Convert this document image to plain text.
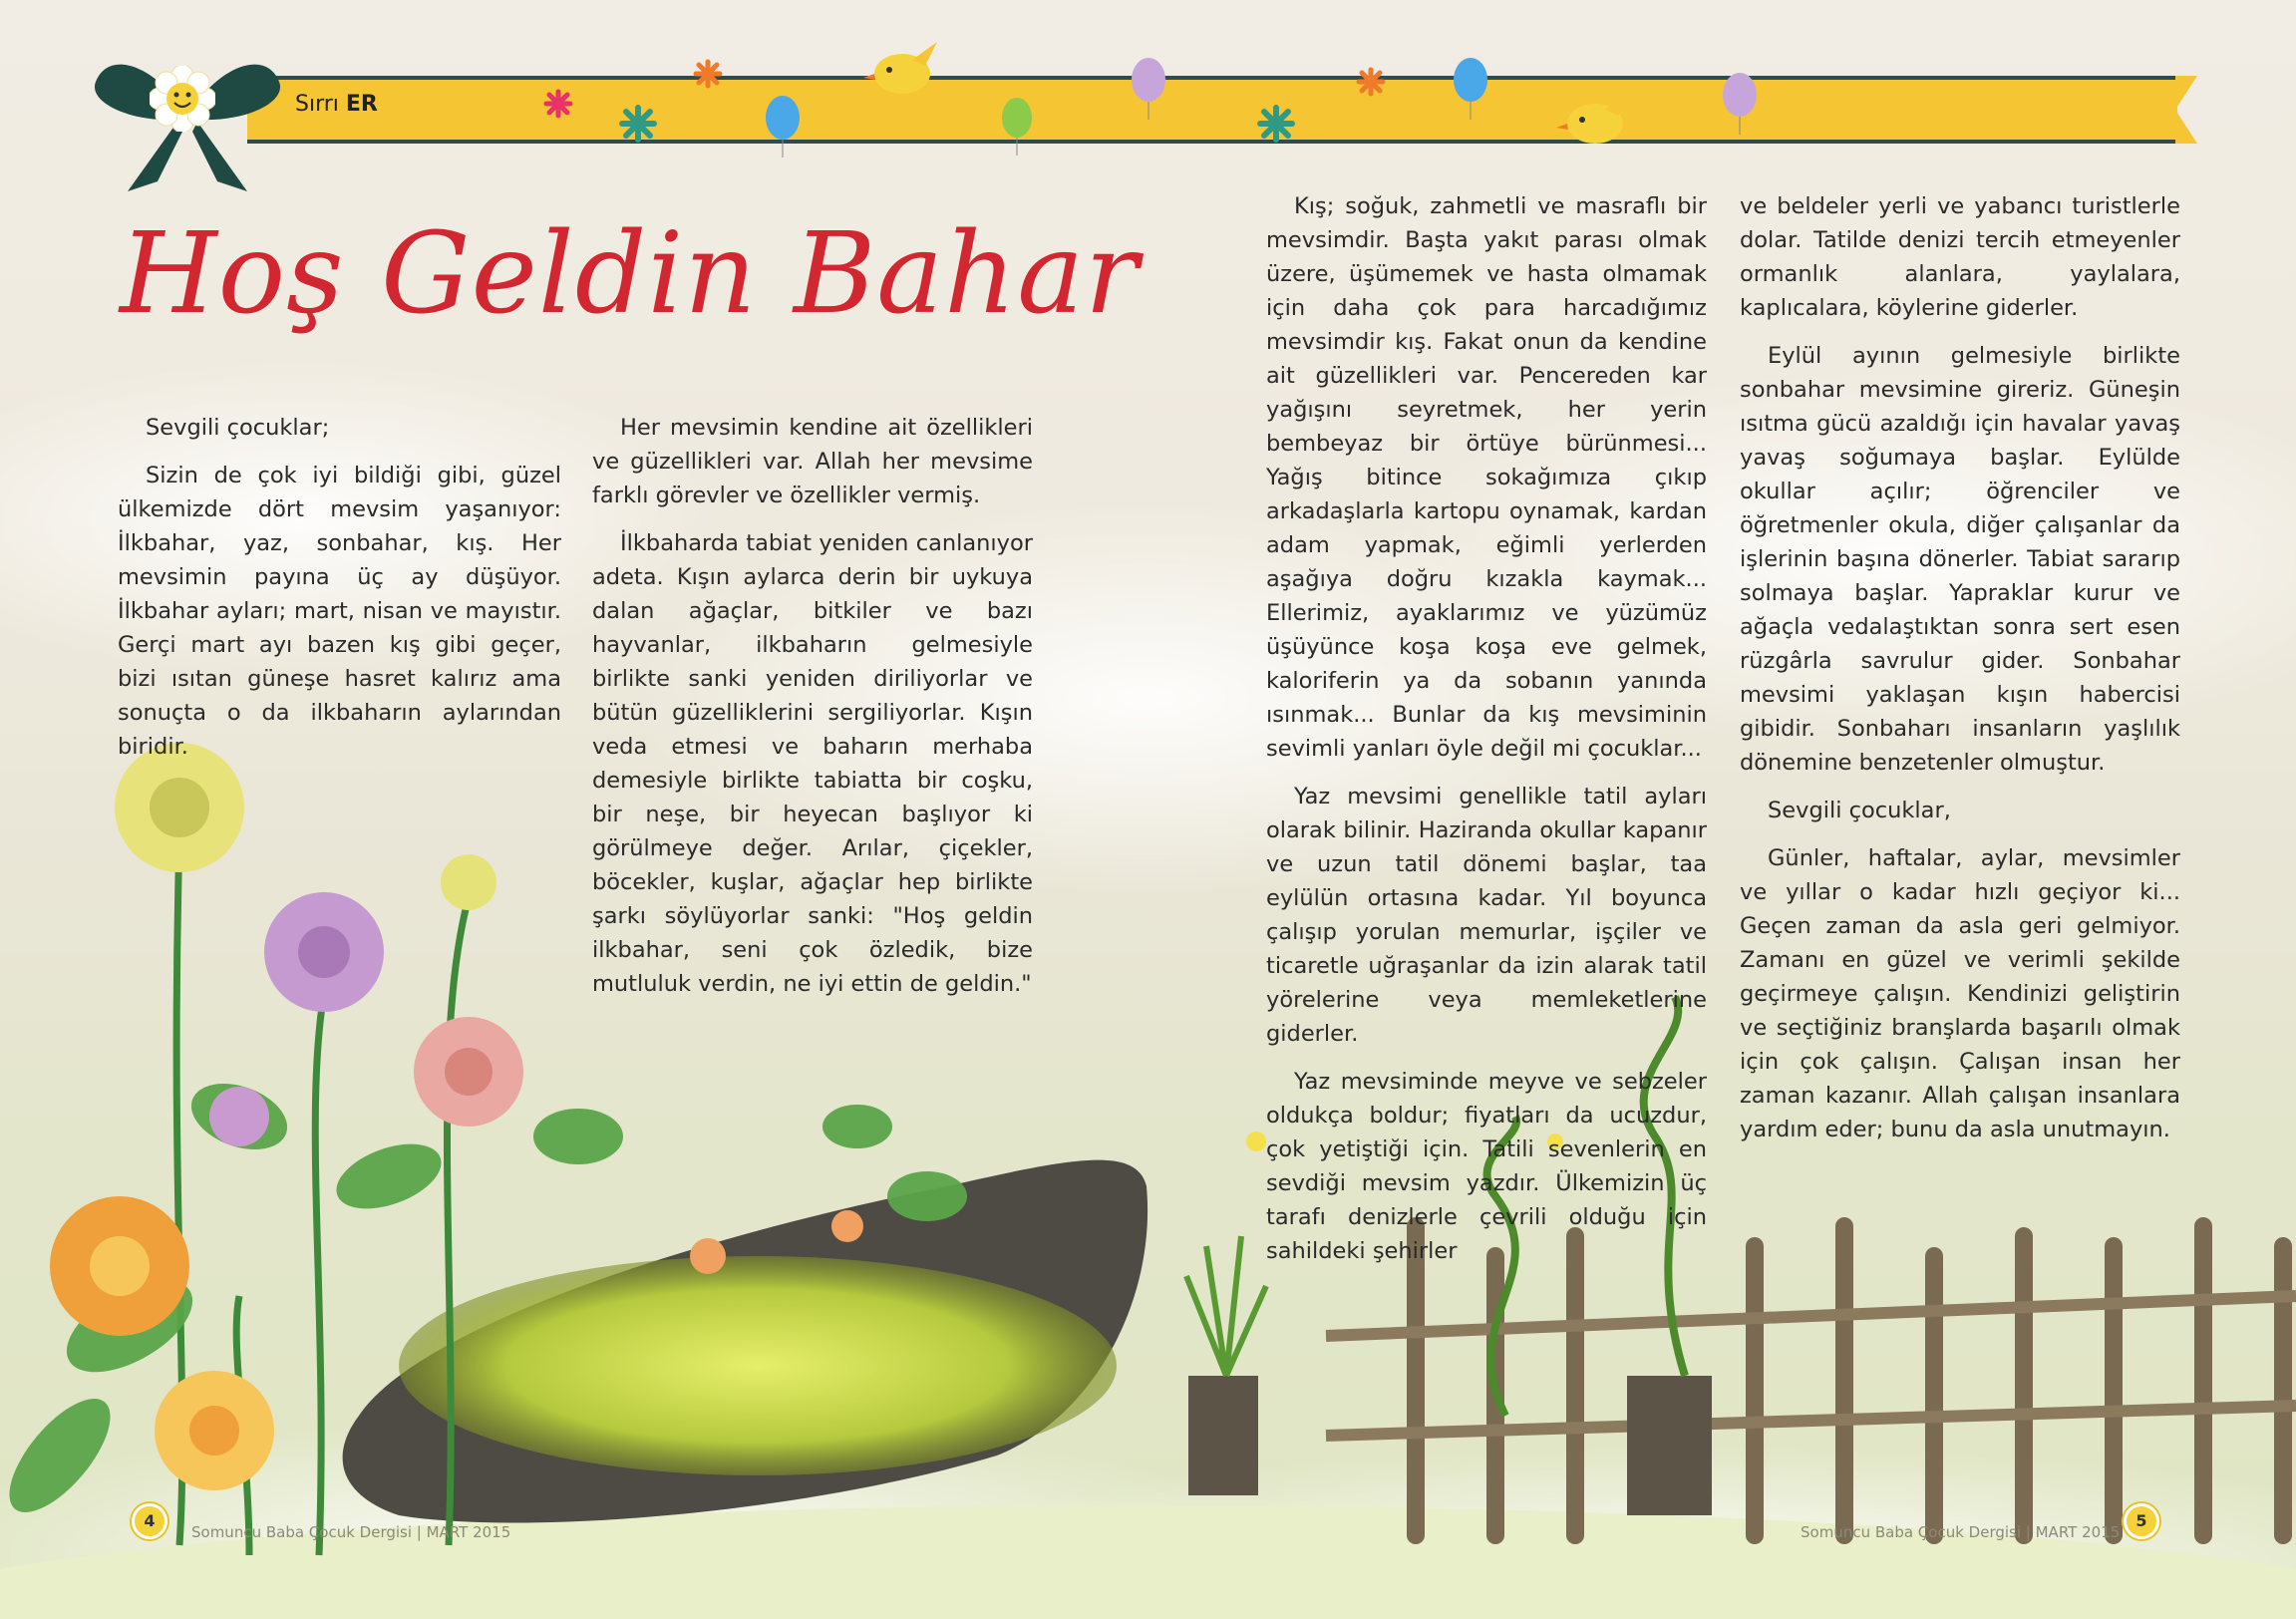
Sırrı ER
Hoş Geldin Bahar

Sevgili çocuklar;

Sizin de çok iyi bildiği gibi, güzel ülkemizde dört mevsim yaşanıyor: İlkbahar, yaz, sonbahar, kış. Her mevsimin payına üç ay düşüyor. İlkbahar ayları; mart, nisan ve mayıstır. Gerçi mart ayı bazen kış gibi geçer, bizi ısıtan güneşe hasret kalırız ama sonuçta o da ilkbaharın aylarından biridir.

Her mevsimin kendine ait özellikleri ve güzellikleri var. Allah her mevsime farklı görevler ve özellikler vermiş.

İlkbaharda tabiat yeniden canlanıyor adeta. Kışın aylarca derin bir uykuya dalan ağaçlar, bitkiler ve bazı hayvanlar, ilkbaharın gelmesiyle birlikte sanki yeniden diriliyorlar ve bütün güzelliklerini sergiliyorlar. Kışın veda etmesi ve baharın merhaba demesiyle birlikte tabiatta bir coşku, bir neşe, bir heyecan başlıyor ki görülmeye değer. Arılar, çiçekler, böcekler, kuşlar, ağaçlar hep birlikte şarkı söylüyorlar sanki: "Hoş geldin ilkbahar, seni çok özledik, bize mutluluk verdin, ne iyi ettin de geldin."

Kış; soğuk, zahmetli ve masraflı bir mevsimdir. Başta yakıt parası olmak üzere, üşümemek ve hasta olmamak için daha çok para harcadığımız mevsimdir kış. Fakat onun da kendine ait güzellikleri var. Pencereden kar yağışını seyretmek, her yerin bembeyaz bir örtüye bürünmesi... Yağış bitince sokağımıza çıkıp arkadaşlarla kartopu oynamak, kardan adam yapmak, eğimli yerlerden aşağıya doğru kızakla kaymak... Ellerimiz, ayaklarımız ve yüzümüz üşüyünce koşa koşa eve gelmek, kaloriferin ya da sobanın yanında ısınmak... Bunlar da kış mevsiminin sevimli yanları öyle değil mi çocuklar...

Yaz mevsimi genellikle tatil ayları olarak bilinir. Haziranda okullar kapanır ve uzun tatil dönemi başlar, taa eylülün ortasına kadar. Yıl boyunca çalışıp yorulan memurlar, işçiler ve ticaretle uğraşanlar da izin alarak tatil yörelerine veya memleketlerine giderler.

Yaz mevsiminde meyve ve sebzeler oldukça boldur; fiyatları da ucuzdur, çok yetiştiği için. Tatili sevenlerin en sevdiği mevsim yazdır. Ülkemizin üç tarafı denizlerle çevrili olduğu için sahildeki şehirler

ve beldeler yerli ve yabancı turistlerle dolar. Tatilde denizi tercih etmeyenler ormanlık alanlara, yaylalara, kaplıcalara, köylerine giderler.

Eylül ayının gelmesiyle birlikte sonbahar mevsimine gireriz. Güneşin ısıtma gücü azaldığı için havalar yavaş yavaş soğumaya başlar. Eylülde okullar açılır; öğrenciler ve öğretmenler okula, diğer çalışanlar da işlerinin başına dönerler. Tabiat sararıp solmaya başlar. Yapraklar kurur ve ağaçla vedalaştıktan sonra sert esen rüzgârla savrulur gider. Sonbahar mevsimi yaklaşan kışın habercisi gibidir. Sonbaharı insanların yaşlılık dönemine benzetenler olmuştur.

Sevgili çocuklar,

Günler, haftalar, aylar, mevsimler ve yıllar o kadar hızlı geçiyor ki... Geçen zaman da asla geri gelmiyor. Zamanı en güzel ve verimli şekilde geçirmeye çalışın. Kendinizi geliştirin ve seçtiğiniz branşlarda başarılı olmak için çok çalışın. Çalışan insan her zaman kazanır. Allah çalışan insanlara yardım eder; bunu da asla unutmayın.

4
Somuncu Baba Çocuk Dergisi | MART 2015	Somuncu Baba Çocuk Dergisi | MART 2015
5
